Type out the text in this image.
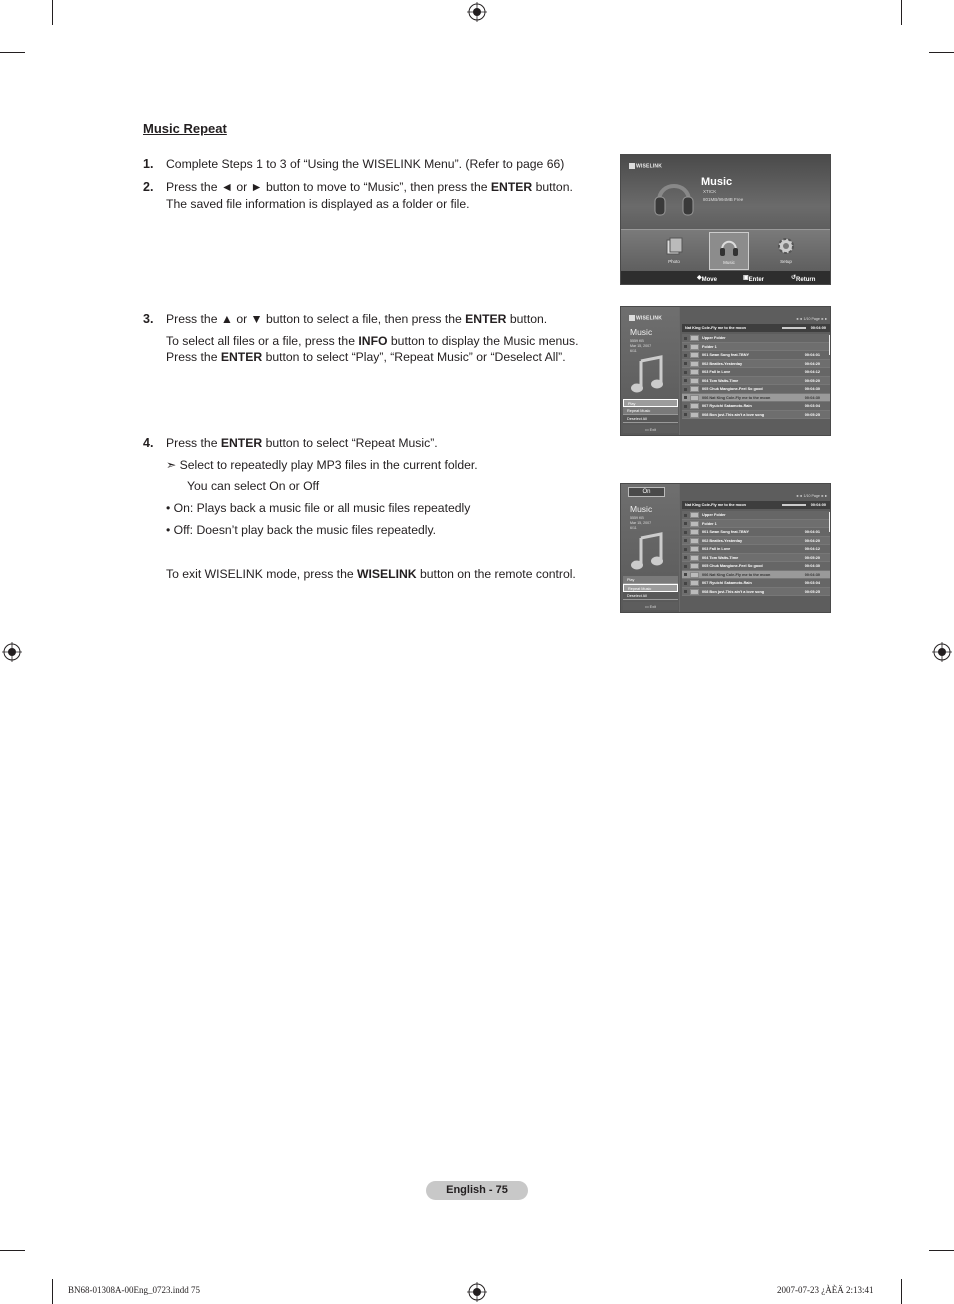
Music Repeat
1. Complete Steps 1 to 3 of “Using the WISELINK Menu”. (Refer to page 66)
2. Press the ◄ or ► button to move to “Music”, then press the ENTER button.
The saved file information is displayed as a folder or file.
3. Press the ▲ or ▼ button to select a file, then press the ENTER button.
To select all files or a file, press the INFO button to display the Music menus.
Press the ENTER button to select “Play”, “Repeat Music” or “Deselect All”.
4. Press the ENTER button to select “Repeat Music”.
➣ Select to repeatedly play MP3 files in the current folder.
You can select On or Off
• On: Plays back a music file or all music files repeatedly
• Off: Doesn’t play back the music files repeatedly.
To exit WISELINK mode, press the WISELINK button on the remote control.
WISELINK
Music
XTICK
801MB/994MB Free
Photo	Music	Setup
◆ Move	▣ Enter	↺ Return
WISELINK
Music
5559 KB
Mar 15, 2007
6/11
Play
Repeat Music
Deselect All
▭ Exit
◄◄ 1/10 Page ►►
Nat King Cole-Fly me to the moon	00:04:00
Upper Folder
Folder 1
001 Swan Song feat.TBNY	00:04:01
002 Beatles-Yesterday	00:04:20
003 Fall in Love	00:04:12
004 Tom Waits-Time	00:05:20
005 Chuk Mangione-Feel So good	00:04:30
006 Nat King Cole-Fly me to the moon	00:04:30
007 Ryuichi Sakamoto-Rain	00:03:04
008 Bon jovi-This ain't a love song	00:05:25
On
Music
5559 KB
Mar 15, 2007
6/11
Play
Repeat Music
Deselect All
▭ Exit
◄◄ 1/10 Page ►►
Nat King Cole-Fly me to the moon	00:04:00
Upper Folder
Folder 1
001 Swan Song feat.TBNY	00:04:01
002 Beatles-Yesterday	00:04:20
003 Fall in Love	00:04:12
004 Tom Waits-Time	00:05:20
005 Chuk Mangione-Feel So good	00:04:30
006 Nat King Cole-Fly me to the moon	00:04:30
007 Ryuichi Sakamoto-Rain	00:03:04
008 Bon jovi-This ain't a love song	00:05:25
English - 75
BN68-01308A-00Eng_0723.indd 75	2007-07-23 ¿ÀÈÄ 2:13:41
